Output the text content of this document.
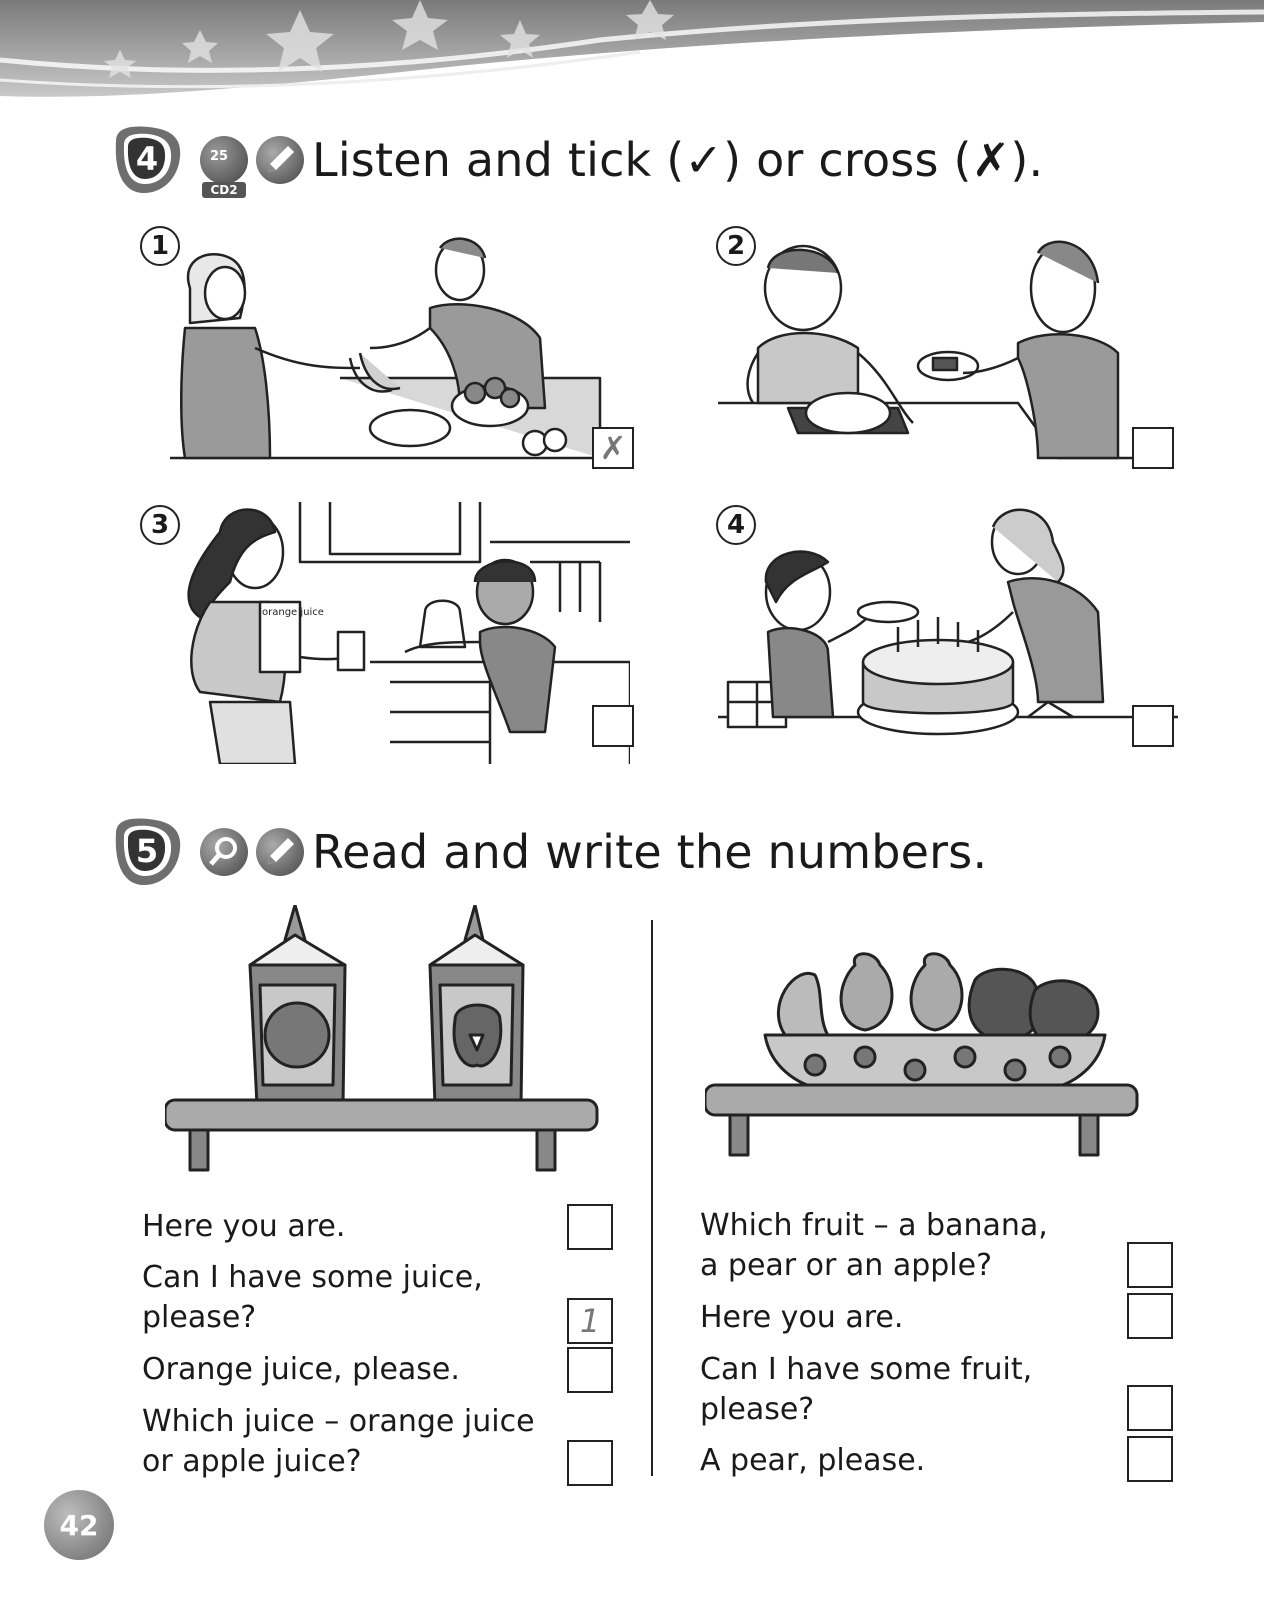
4	25
CD2
Listen and tick (✓) or cross (✗).
1
✗
2
orange juice
3	4
5	Read and write the numbers.
Here you are.
Can I have some juice, please?	1
Orange juice, please.
Which juice – orange juice or apple juice?
Which fruit – a banana, a pear or an apple?
Here you are.
Can I have some fruit, please?
A pear, please.
42
